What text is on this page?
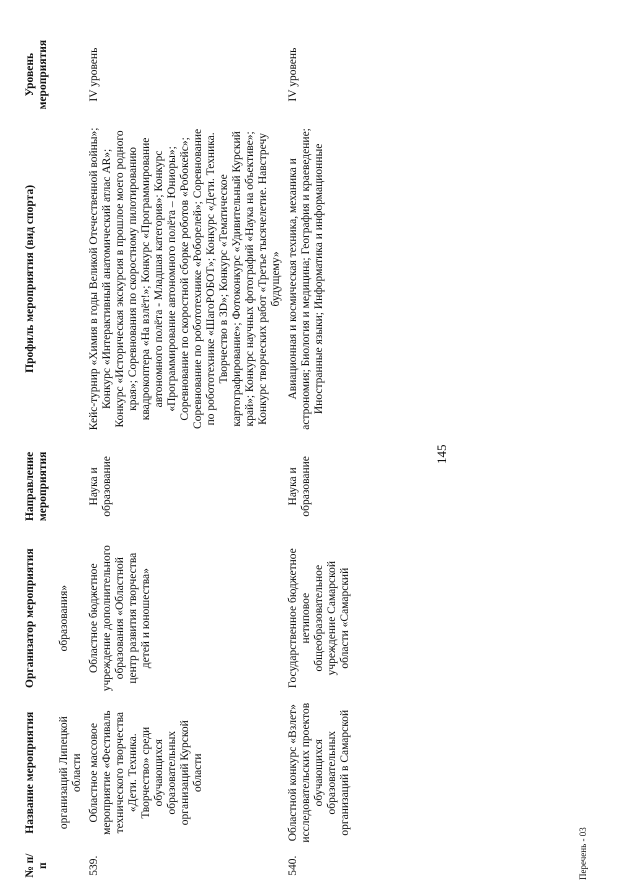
145
№ п/п	Название мероприятия	Организатор мероприятия	Направление мероприятия	Профиль мероприятия (вид спорта)	Уровень мероприятия
	организаций Липецкой области	образования»			
539.	Областное массовое мероприятие «Фестиваль технического творчества «Дети. Техника. Творчество» среди обучающихся образовательных организаций Курской области	Областное бюджетное учреждение дополнительного образования «Областной центр развития творчества детей и юношества»	Наука и образование	Кейс-турнир «Химия в годы Великой Отечественной войны»; Конкурс «Интерактивный анатомический атлас AR»; Конкурс «Историческая экскурсия в прошлое моего родного края»; Соревнования по скоростному пилотированию квадрокоптера «На взлёт!»; Конкурс «Программирование автономного полёта - Младшая категория»; Конкурс «Программирование автономного полёта – Юниоры»; Соревнование по скоростной сборке роботов «Робокейс»; Соревнование по робототехнике «Роборелей»; Соревнование по робототехнике «ШагоРОБОТ»; Конкурс «Дети. Техника. Творчество в 3D»; Конкурс «Тематическое картографирование»; Фотоконкурс «Удивительный Курский край»; Конкурс научных фотографий «Наука на объективе»; Конкурс творческих работ «Третье тысячелетие. Навстречу будущему»	IV уровень
540.	Областной конкурс «Взлет» исследовательских проектов обучающихся образовательных организаций в Самарской	Государственное бюджетное нетиповое общеобразовательное учреждение Самарской области «Самарский	Наука и образование	Авиационная и космическая техника, механика и астрономия; Биология и медицина; География и краеведение; Иностранные языки; Информатика и информационные	IV уровень
Перечень - 03
